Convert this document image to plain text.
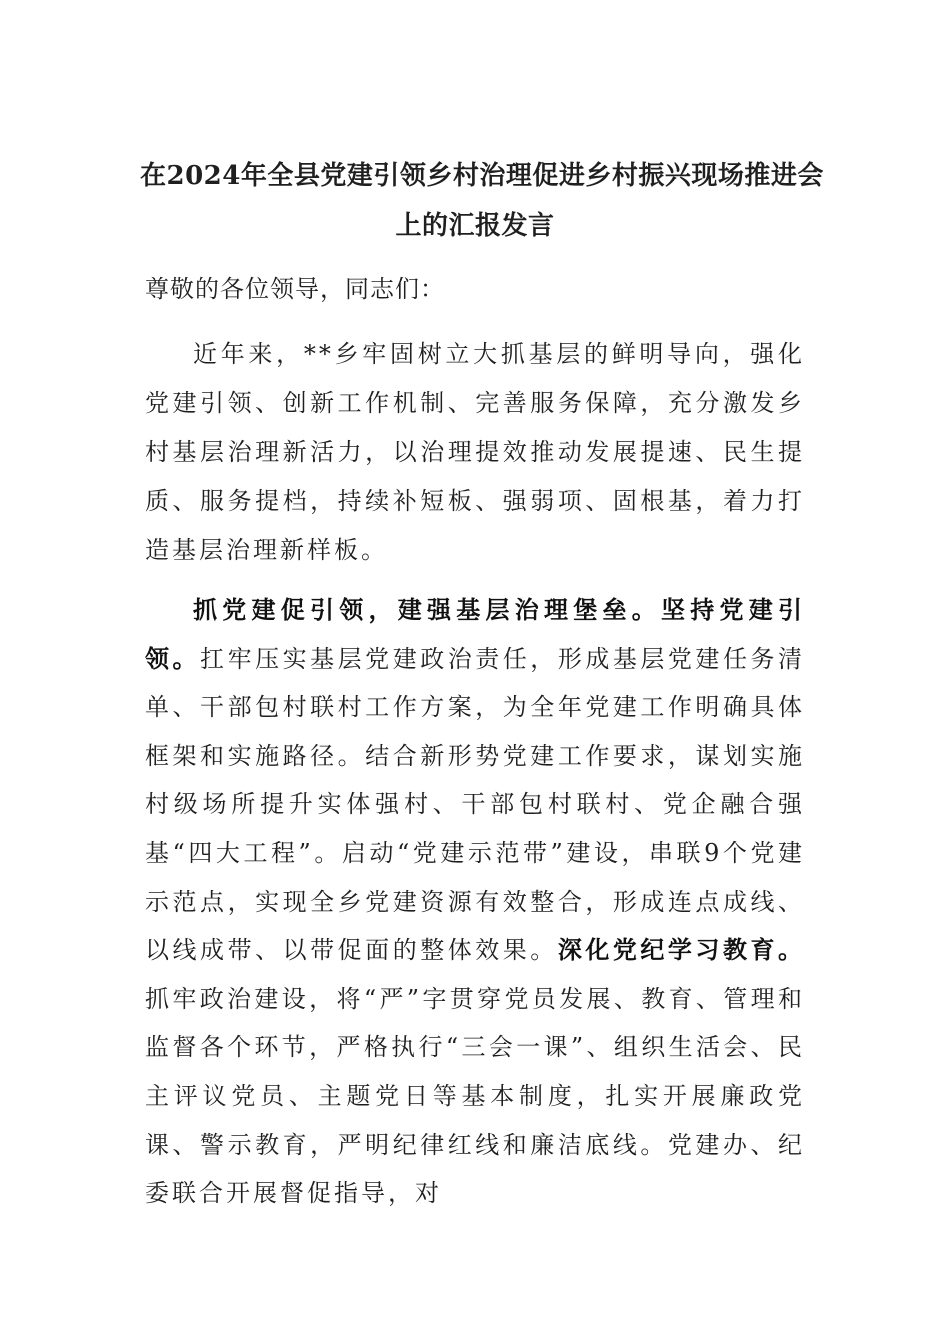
在2024年全县党建引领乡村治理促进乡村振兴现场推进会
上的汇报发言
尊敬的各位领导，同志们：
近年来，**乡牢固树立大抓基层的鲜明导向，强化党建引领、创新工作机制、完善服务保障，充分激发乡村基层治理新活力，以治理提效推动发展提速、民生提质、服务提档，持续补短板、强弱项、固根基，着力打造基层治理新样板。
抓党建促引领，建强基层治理堡垒。坚持党建引领。扛牢压实基层党建政治责任，形成基层党建任务清单、干部包村联村工作方案，为全年党建工作明确具体框架和实施路径。结合新形势党建工作要求，谋划实施村级场所提升实体强村、干部包村联村、党企融合强基“四大工程”。启动“党建示范带”建设，串联9个党建示范点，实现全乡党建资源有效整合，形成连点成线、以线成带、以带促面的整体效果。深化党纪学习教育。抓牢政治建设，将“严”字贯穿党员发展、教育、管理和监督各个环节，严格执行“三会一课”、组织生活会、民主评议党员、主题党日等基本制度，扎实开展廉政党课、警示教育，严明纪律红线和廉洁底线。党建办、纪委联合开展督促指导，对
